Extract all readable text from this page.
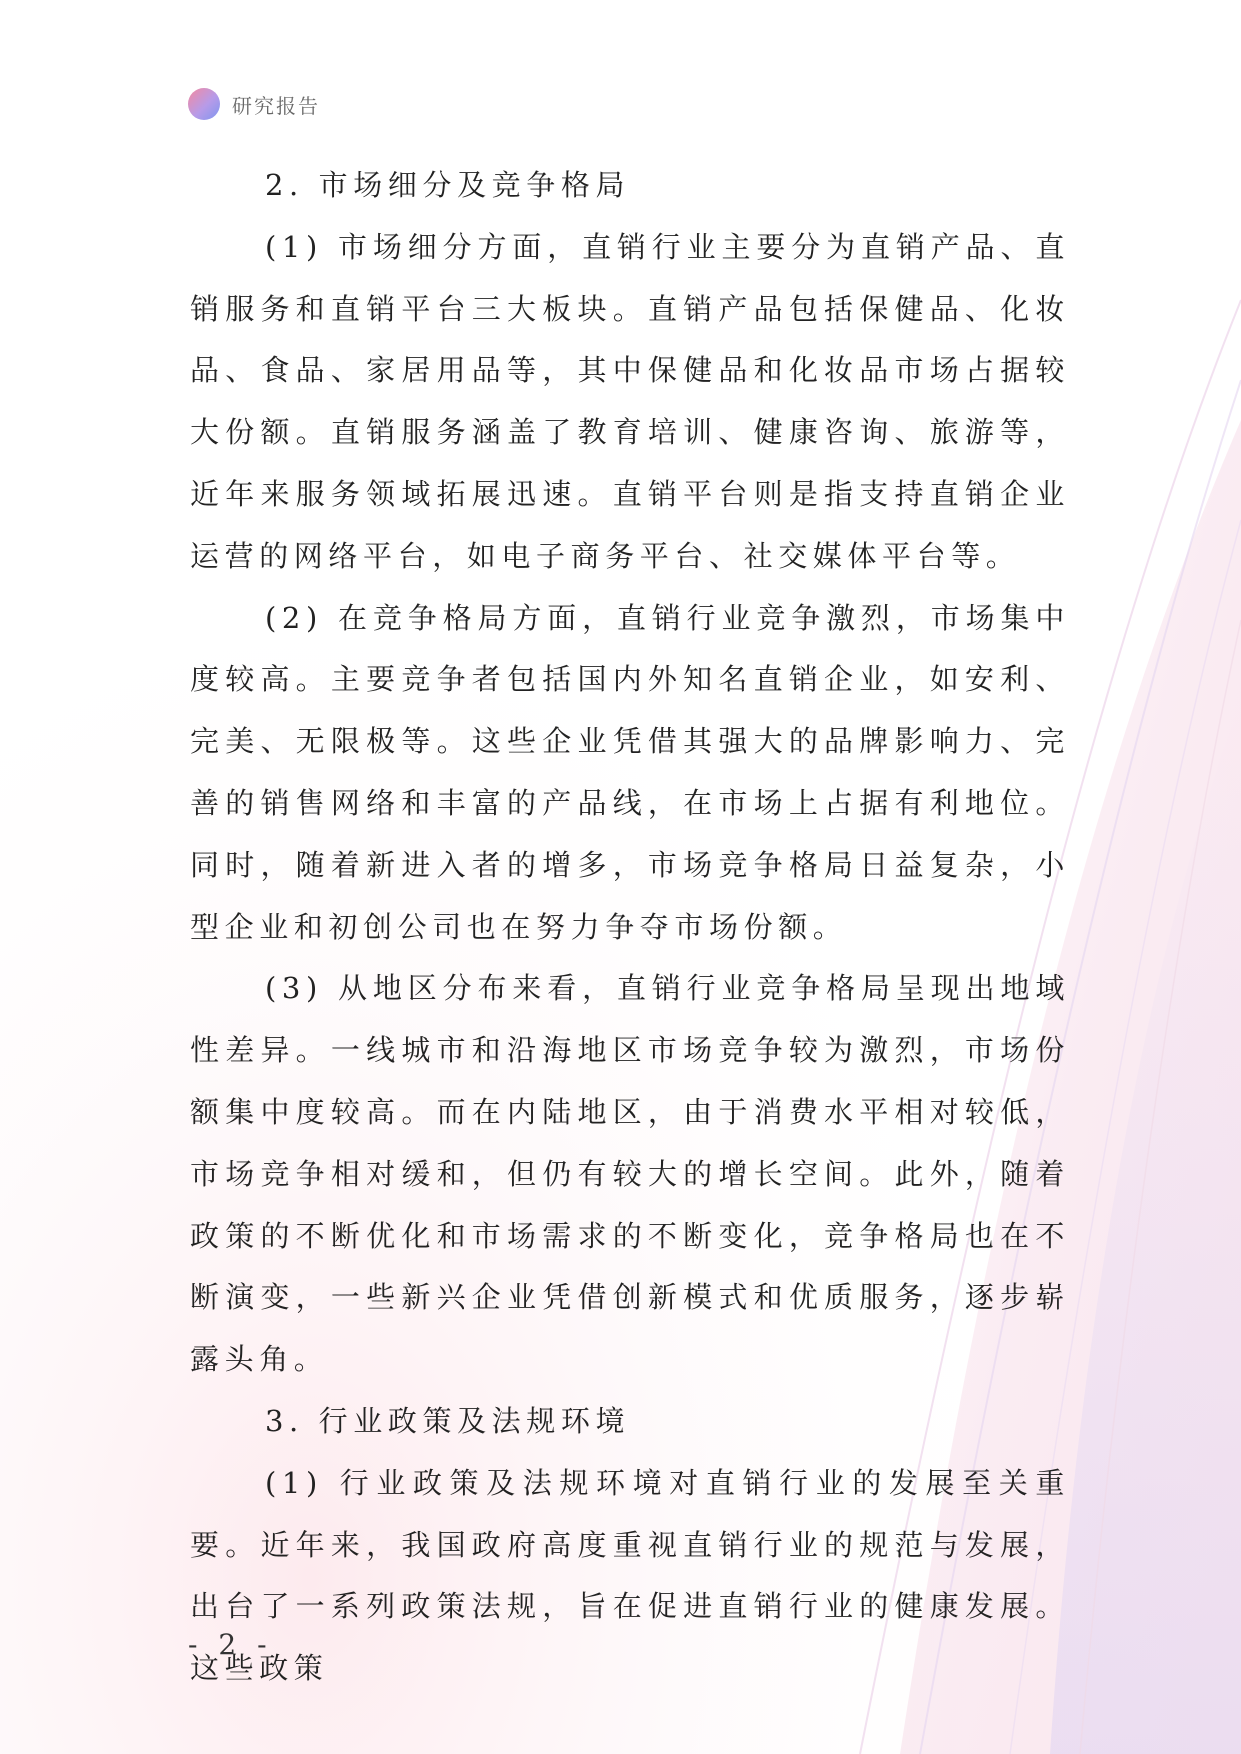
研究报告

2. 市场细分及竞争格局

(1) 市场细分方面，直销行业主要分为直销产品、直销服务和直销平台三大板块。直销产品包括保健品、化妆品、食品、家居用品等，其中保健品和化妆品市场占据较大份额。直销服务涵盖了教育培训、健康咨询、旅游等，近年来服务领域拓展迅速。直销平台则是指支持直销企业运营的网络平台，如电子商务平台、社交媒体平台等。

(2) 在竞争格局方面，直销行业竞争激烈，市场集中度较高。主要竞争者包括国内外知名直销企业，如安利、完美、无限极等。这些企业凭借其强大的品牌影响力、完善的销售网络和丰富的产品线，在市场上占据有利地位。同时，随着新进入者的增多，市场竞争格局日益复杂，小型企业和初创公司也在努力争夺市场份额。

(3) 从地区分布来看，直销行业竞争格局呈现出地域性差异。一线城市和沿海地区市场竞争较为激烈，市场份额集中度较高。而在内陆地区，由于消费水平相对较低，市场竞争相对缓和，但仍有较大的增长空间。此外，随着政策的不断优化和市场需求的不断变化，竞争格局也在不断演变，一些新兴企业凭借创新模式和优质服务，逐步崭露头角。

3. 行业政策及法规环境

(1) 行业政策及法规环境对直销行业的发展至关重要。近年来，我国政府高度重视直销行业的规范与发展，出台了一系列政策法规，旨在促进直销行业的健康发展。这些政策

- 2 -
